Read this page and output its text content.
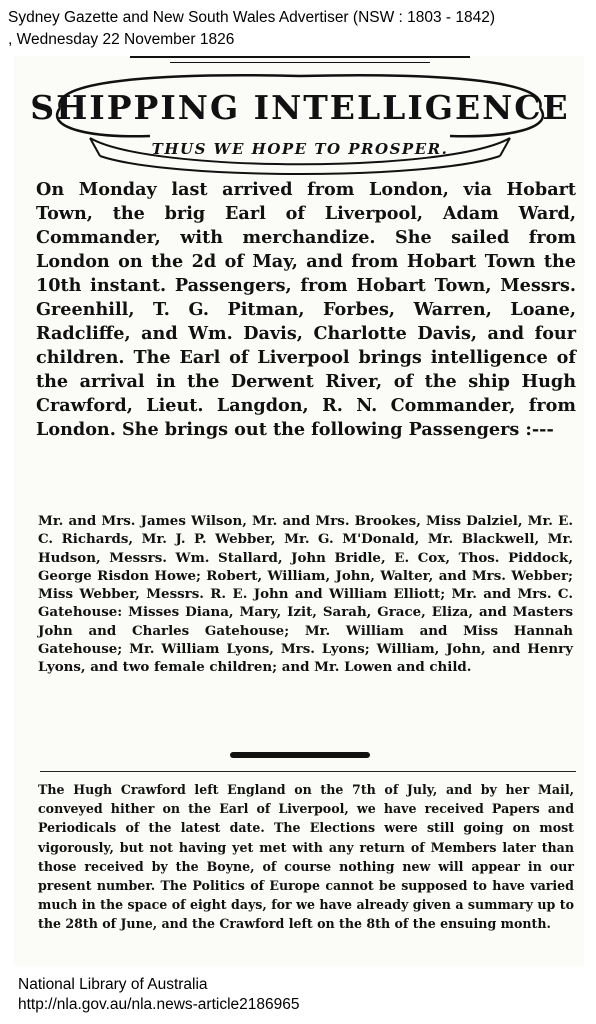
Sydney Gazette and New South Wales Advertiser (NSW : 1803 - 1842)
, Wednesday 22 November 1826
SHIPPING INTELLIGENCE
THUS WE HOPE TO PROSPER.
On Monday last arrived from London, via Hobart Town, the brig Earl of Liverpool, Adam Ward, Commander, with merchandize. She sailed from London on the 2d of May, and from Hobart Town the 10th instant. Passengers, from Hobart Town, Messrs. Greenhill, T. G. Pitman, Forbes, Warren, Loane, Radcliffe, and Wm. Davis, Charlotte Davis, and four children. The Earl of Liverpool brings intelligence of the arrival in the Derwent River, of the ship Hugh Crawford, Lieut. Langdon, R. N. Commander, from London. She brings out the following Passengers :---
Mr. and Mrs. James Wilson, Mr. and Mrs. Brookes, Miss Dalziel, Mr. E. C. Richards, Mr. J. P. Webber, Mr. G. M'Donald, Mr. Blackwell, Mr. Hudson, Messrs. Wm. Stallard, John Bridle, E. Cox, Thos. Piddock, George Risdon Howe; Robert, William, John, Walter, and Mrs. Webber; Miss Webber, Messrs. R. E. John and William Elliott; Mr. and Mrs. C. Gatehouse: Misses Diana, Mary, Izit, Sarah, Grace, Eliza, and Masters John and Charles Gatehouse; Mr. William and Miss Hannah Gatehouse; Mr. William Lyons, Mrs. Lyons; William, John, and Henry Lyons, and two female children; and Mr. Lowen and child.
The Hugh Crawford left England on the 7th of July, and by her Mail, conveyed hither on the Earl of Liverpool, we have received Papers and Periodicals of the latest date. The Elections were still going on most vigorously, but not having yet met with any return of Members later than those received by the Boyne, of course nothing new will appear in our present number. The Politics of Europe cannot be supposed to have varied much in the space of eight days, for we have already given a summary up to the 28th of June, and the Crawford left on the 8th of the ensuing month.
National Library of Australia
http://nla.gov.au/nla.news-article2186965
